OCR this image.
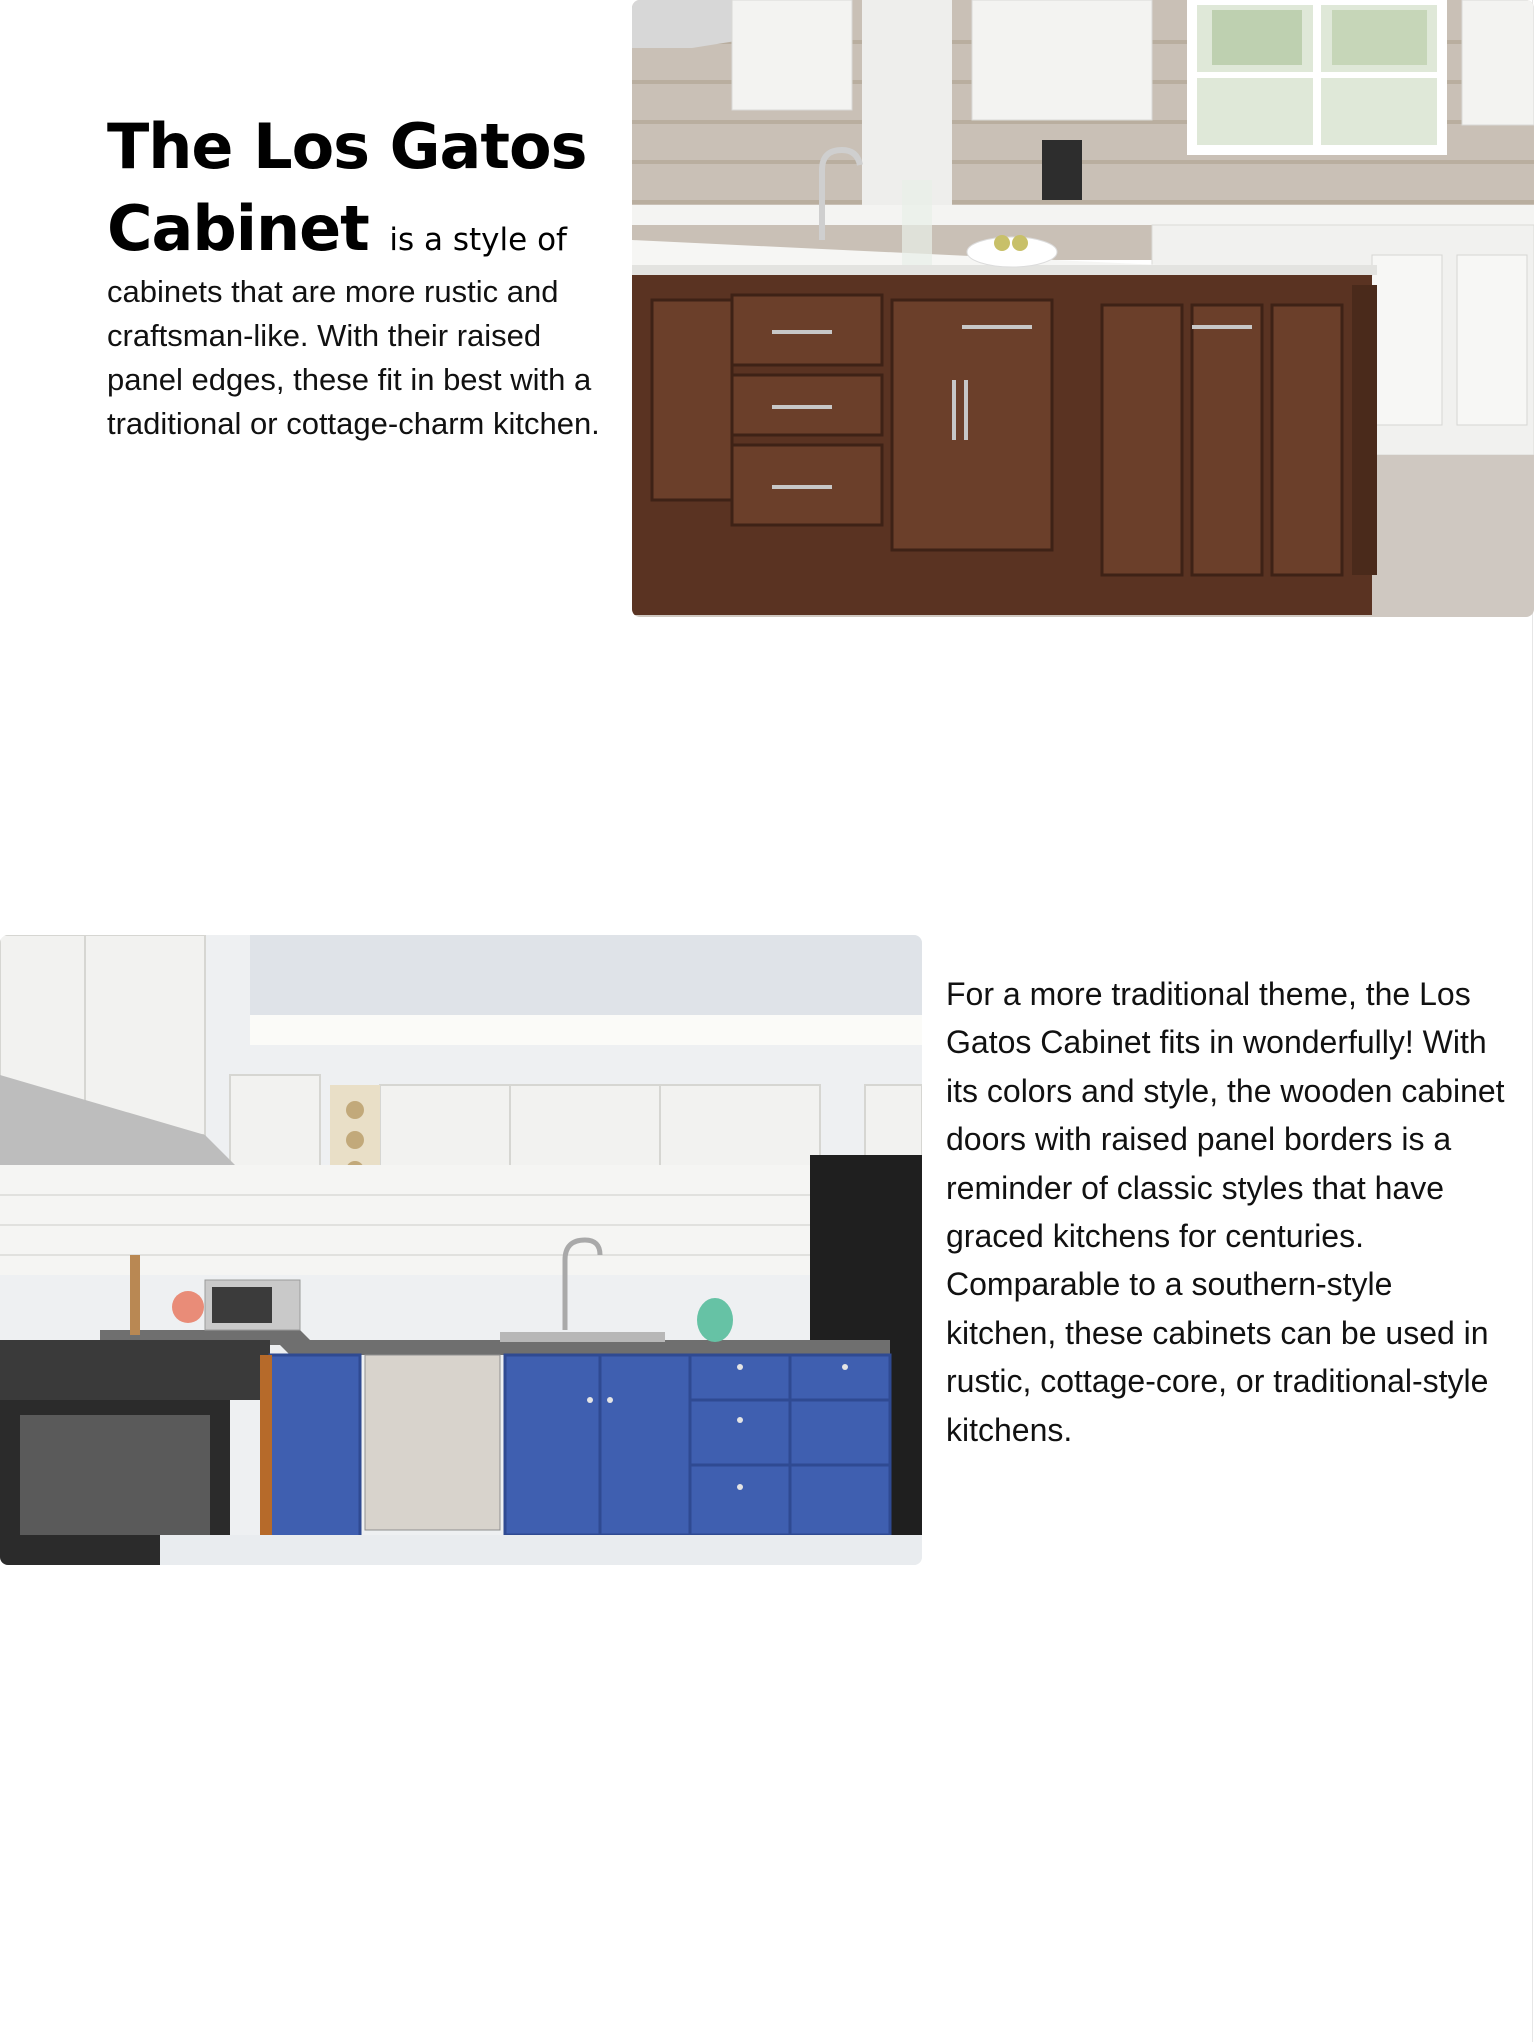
The Los Gatos
Cabinet is a style of
cabinets that are more rustic and craftsman-like. With their raised panel edges, these fit in best with a traditional or cottage-charm kitchen.
For a more traditional theme, the Los Gatos Cabinet fits in wonderfully! With its colors and style, the wooden cabinet doors with raised panel borders is a reminder of classic styles that have graced kitchens for centuries. Comparable to a southern-style kitchen, these cabinets can be used in rustic, cottage-core, or traditional-style kitchens.
